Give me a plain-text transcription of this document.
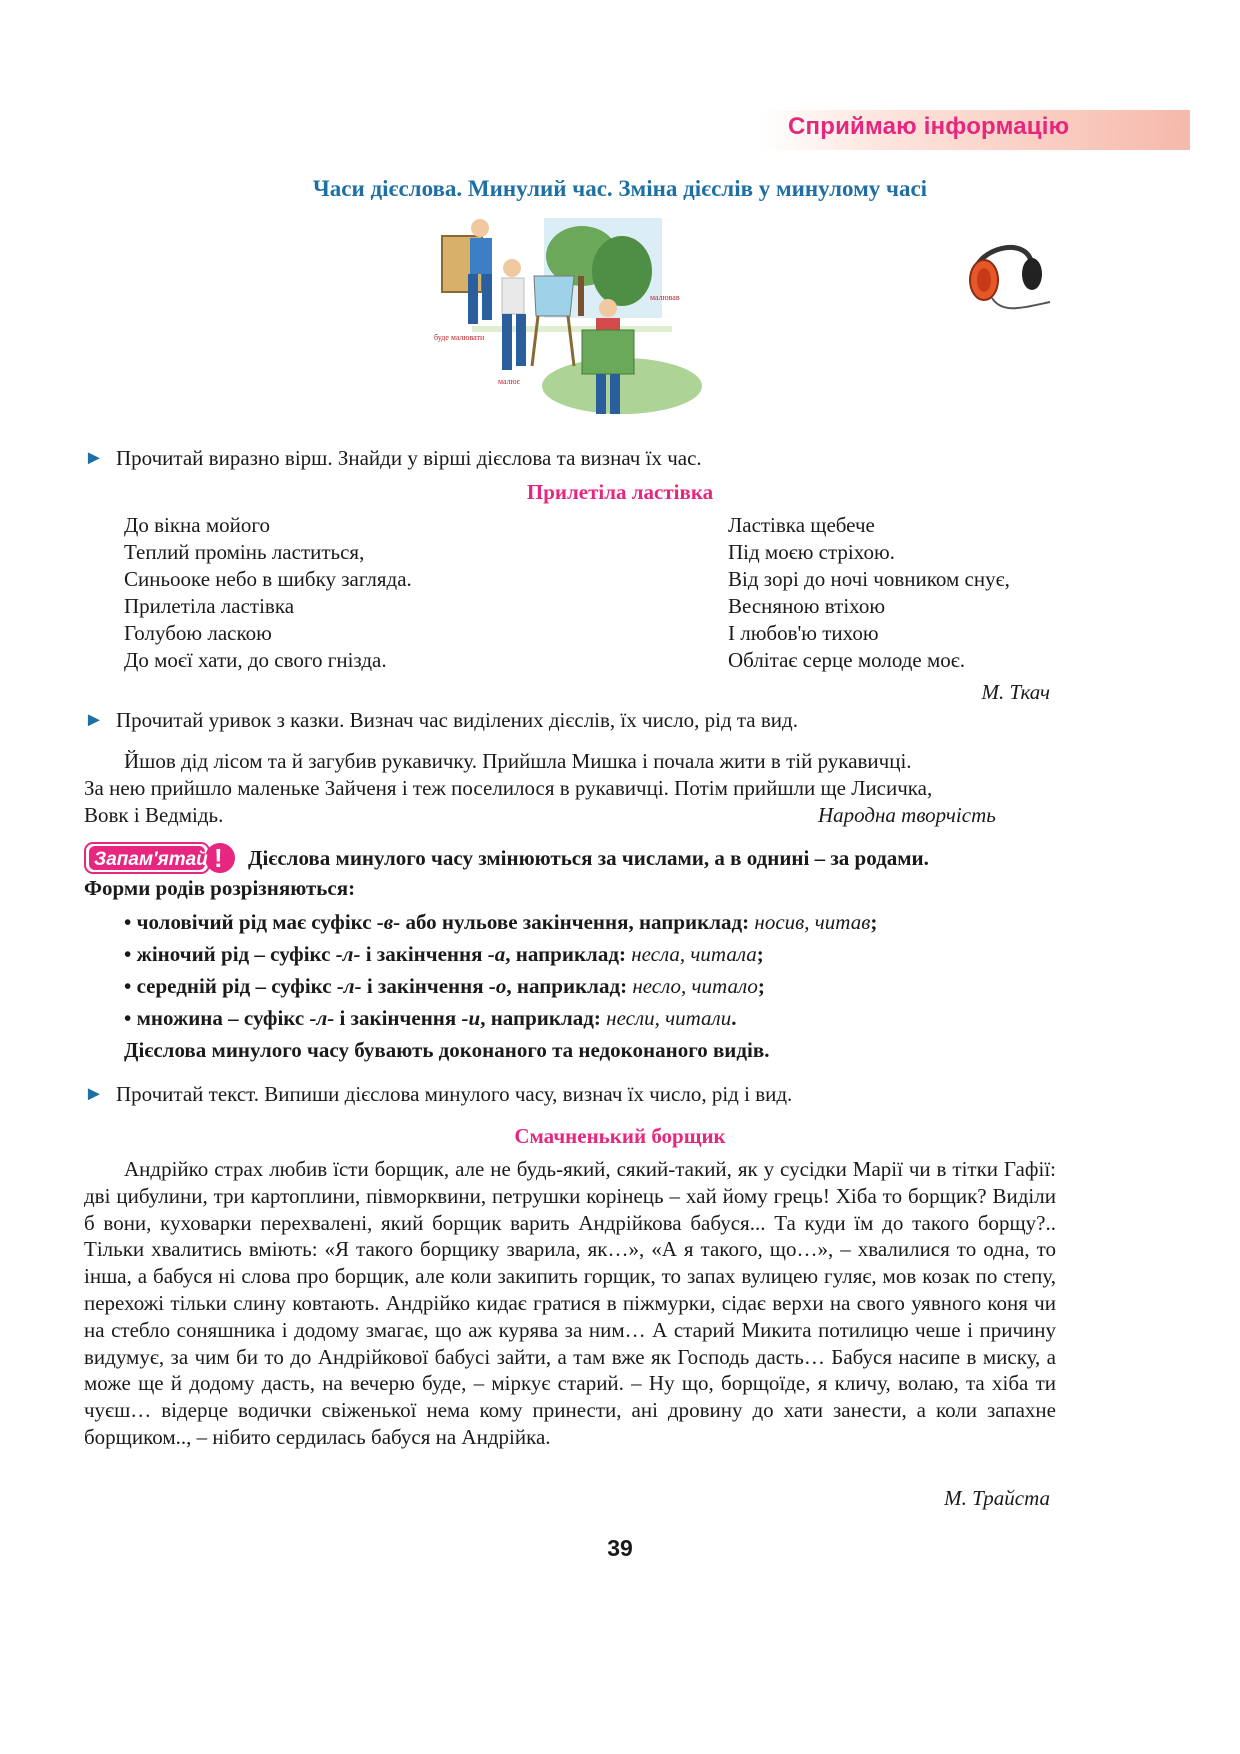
Сприймаю інформацію
Часи дієслова. Минулий час. Зміна дієслів у минулому часі
буде малювати
малював
малює
► Прочитай виразно вірш. Знайди у вірші дієслова та визнач їх час.
Прилетіла ластівка
До вікна мойого
Теплий промінь ластиться,
Синьооке небо в шибку загляда.
Прилетіла ластівка
Голубою ласкою
До моєї хати, до свого гнізда.
Ластівка щебече
Під моєю стріхою.
Від зорі до ночі човником снує,
Весняною втіхою
І любов'ю тихою
Облітає серце молоде моє.
М. Ткач
► Прочитай уривок з казки. Визнач час виділених дієслів, їх число, рід та вид.
Йшов дід лісом та й загубив рукавичку. Прийшла Мишка і почала жити в тій рукавичці.
За нею прийшло маленьке Зайченя і теж поселилося в рукавичці. Потім прийшли ще Лисичка,
Вовк і Ведмідь.	Народна творчість
!
Запам'ятай Дієслова минулого часу змінюються за числами, а в однині – за родами.
Форми родів розрізняються:
• чоловічий рід має суфікс -в- або нульове закінчення, наприклад: носив, читав;
• жіночий рід – суфікс -л- і закінчення -а, наприклад: несла, читала;
• середній рід – суфікс -л- і закінчення -о, наприклад: несло, читало;
• множина – суфікс -л- і закінчення -и, наприклад: несли, читали.
Дієслова минулого часу бувають доконаного та недоконаного видів.
► Прочитай текст. Випиши дієслова минулого часу, визнач їх число, рід і вид.
Смачненький борщик
Андрійко страх любив їсти борщик, але не будь-який, сякий-такий, як у сусідки Марії чи в тітки Гафії: дві цибулини, три картоплини, півморквини, петрушки корінець – хай йому грець! Хіба то борщик? Виділи б вони, куховарки перехвалені, який борщик варить Андрійкова бабуся... Та куди їм до такого борщу?.. Тільки хвалитись вміють: «Я такого борщику зварила, як…», «А я такого, що…», – хвалилися то одна, то інша, а бабуся ні слова про борщик, але коли закипить горщик, то запах вулицею гуляє, мов козак по степу, перехожі тільки слину ковтають. Андрійко кидає гратися в піжмурки, сідає верхи на свого уявного коня чи на стебло соняшника і додому змагає, що аж курява за ним… А старий Микита потилицю чеше і причину видумує, за чим би то до Андрійкової бабусі зайти, а там вже як Господь дасть… Бабуся насипе в миску, а може ще й додому дасть, на вечерю буде, – міркує старий. – Ну що, борщоїде, я кличу, волаю, та хіба ти чуєш… відерце водички свіженької нема кому принести, ані дровину до хати занести, а коли запахне борщиком.., – нібито сердилась бабуся на Андрійка.
М. Трайста
39
